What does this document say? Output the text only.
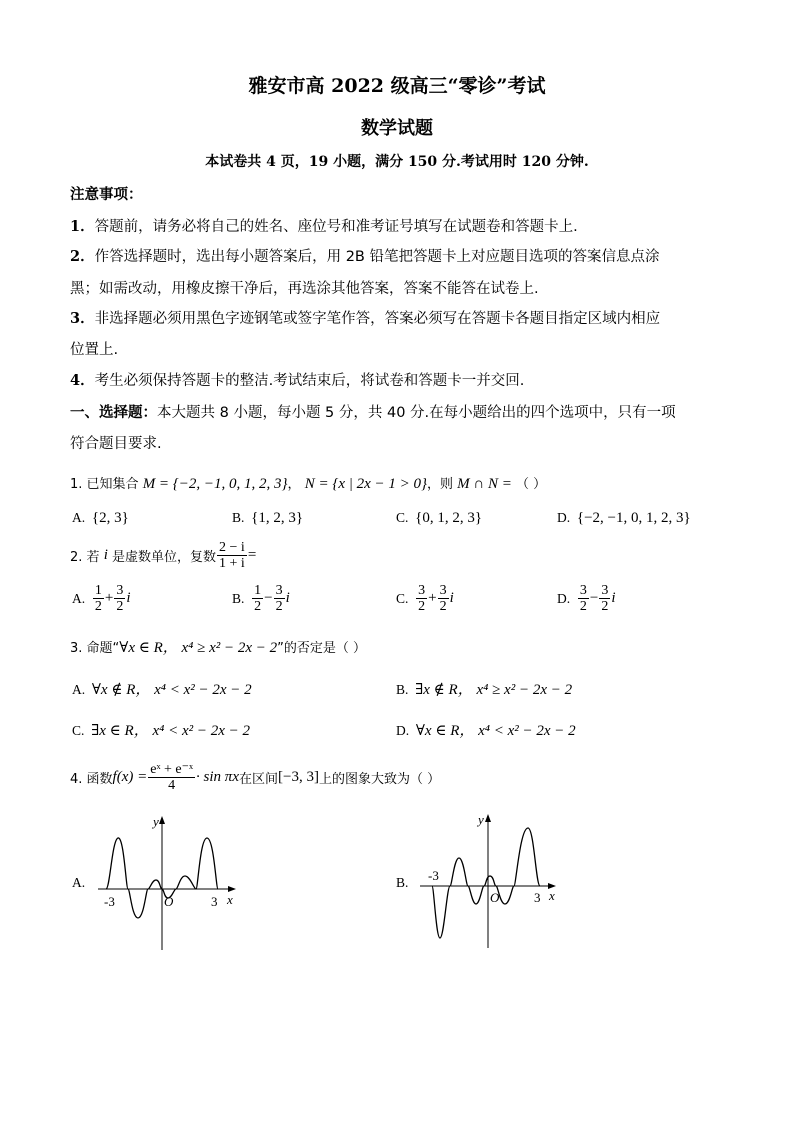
雅安市高 2022 级高三“零诊”考试
数学试题
本试卷共 4 页，19 小题，满分 150 分.考试用时 120 分钟.
注意事项：
1．答题前，请务必将自己的姓名、座位号和准考证号填写在试题卷和答题卡上.
2．作答选择题时，选出每小题答案后，用 2B 铅笔把答题卡上对应题目选项的答案信息点涂
黑；如需改动，用橡皮擦干净后，再选涂其他答案，答案不能答在试卷上.
3．非选择题必须用黑色字迹钢笔或签字笔作答，答案必须写在答题卡各题目指定区域内相应
位置上.
4．考生必须保持答题卡的整洁.考试结束后，将试卷和答题卡一并交回.
一、选择题：本大题共 8 小题，每小题 5 分，共 40 分.在每小题给出的四个选项中，只有一项
符合题目要求.
1. 已知集合 M = {−2, −1, 0, 1, 2, 3}， N = {x | 2x − 1 > 0}，则 M ∩ N = （ ）
A. {2, 3}	B. {1, 2, 3}	C. {0, 1, 2, 3}	D. {−2, −1, 0, 1, 2, 3}
2. 若
i
是虚数单位，复数 $\frac{2 - i}{1 + i}$ =
A.
$\frac{1}{2} + \frac{3}{2}$ i	B.
$\frac{1}{2} - \frac{3}{2}$ i	C.
$\frac{3}{2} + \frac{3}{2}$ i	D.
$\frac{3}{2} - \frac{3}{2}$ i
3. 命题“∀x ∈ R， x⁴ ≥ x² − 2x − 2”的否定是（ ）
A. ∀x ∉ R， x⁴ < x² − 2x − 2	B. ∃x ∉ R， x⁴ ≥ x² − 2x − 2
C. ∃x ∈ R， x⁴ < x² − 2x − 2	D. ∀x ∈ R， x⁴ < x² − 2x − 2
4. 函数 $f(x) = \frac{\text{eˣ + e⁻ˣ}}{4} \cdot \sin \pi x$ 在区间 [−3, 3] 上的图象大致为（ ）
A.
-3	3
O	x
y
B. -3
3
O	x
y
